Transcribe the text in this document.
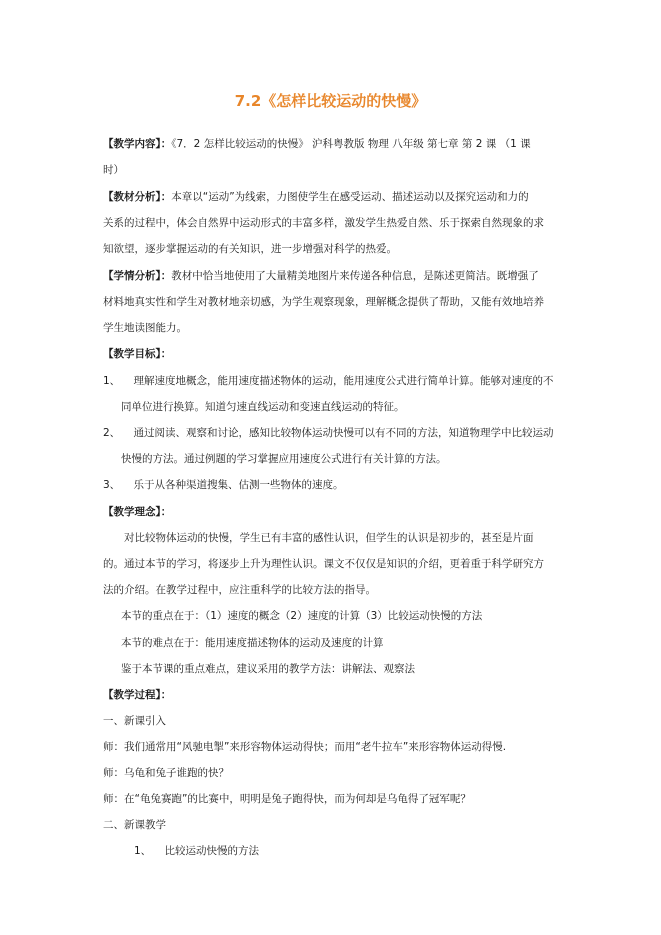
7.2《怎样比较运动的快慢》
【教学内容】：《7．2 怎样比较运动的快慢》 沪科粤教版 物理 八年级 第七章 第 2 课 （1 课
时）
【教材分析】：本章以“运动”为线索，力图使学生在感受运动、描述运动以及探究运动和力的
关系的过程中，体会自然界中运动形式的丰富多样，激发学生热爱自然、乐于探索自然现象的求
知欲望，逐步掌握运动的有关知识，进一步增强对科学的热爱。
【学情分析】：教材中恰当地使用了大量精美地图片来传递各种信息，是陈述更简洁。既增强了
材料地真实性和学生对教材地亲切感，为学生观察现象，理解概念提供了帮助，又能有效地培养
学生地读图能力。
【教学目标】：
1、 理解速度地概念，能用速度描述物体的运动，能用速度公式进行简单计算。能够对速度的不
同单位进行换算。知道匀速直线运动和变速直线运动的特征。
2、 通过阅读、观察和讨论，感知比较物体运动快慢可以有不同的方法，知道物理学中比较运动
快慢的方法。通过例题的学习掌握应用速度公式进行有关计算的方法。
3、 乐于从各种渠道搜集、估测一些物体的速度。
【教学理念】：
对比较物体运动的快慢，学生已有丰富的感性认识，但学生的认识是初步的，甚至是片面
的。通过本节的学习，将逐步上升为理性认识。课文不仅仅是知识的介绍，更着重于科学研究方
法的介绍。在教学过程中，应注重科学的比较方法的指导。
本节的重点在于：（1）速度的概念（2）速度的计算（3）比较运动快慢的方法
本节的难点在于：能用速度描述物体的运动及速度的计算
鉴于本节课的重点难点，建议采用的教学方法：讲解法、观察法
【教学过程】：
一、新课引入
师：我们通常用“风驰电掣”来形容物体运动得快；而用“老牛拉车”来形容物体运动得慢.
师：乌龟和兔子谁跑的快？
师：在“龟兔赛跑”的比赛中，明明是兔子跑得快，而为何却是乌龟得了冠军呢？
二、新课教学
1、 比较运动快慢的方法
